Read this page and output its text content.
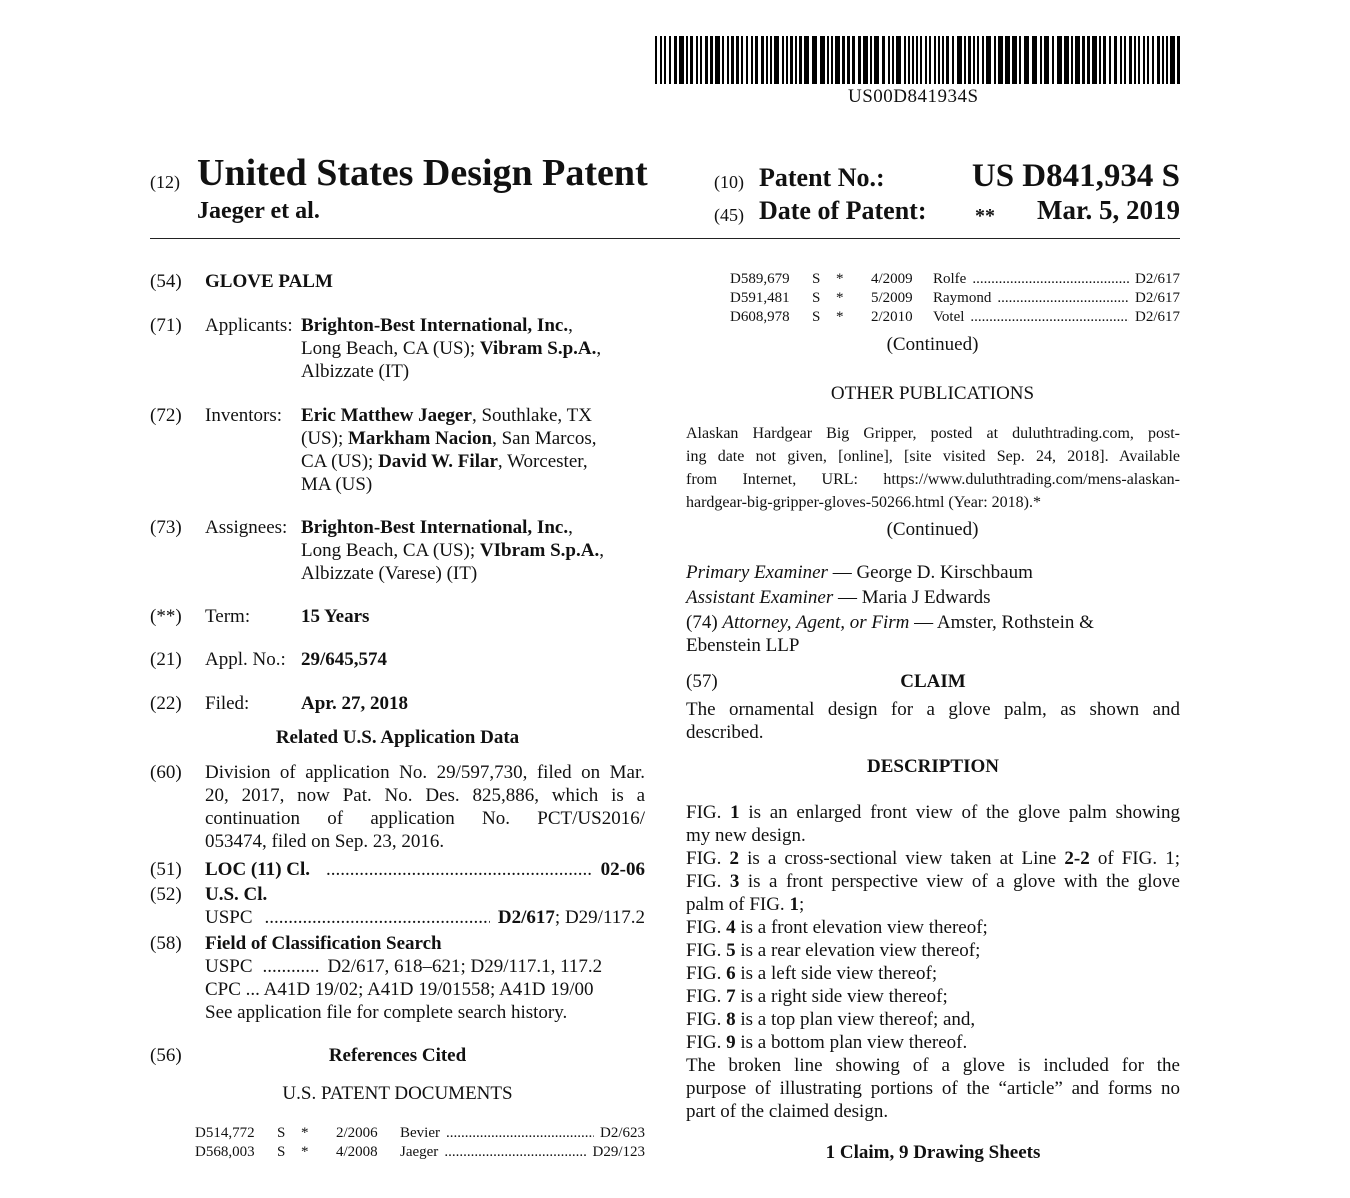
US00D841934S
(12) United States Design Patent
Jaeger et al.
(10) Patent No.:	US D841,934 S
(45) Date of Patent: ** Mar. 5, 2019
(54) GLOVE PALM
(71) Applicants: Brighton-Best International, Inc.,
Long Beach, CA (US); Vibram S.p.A.,
Albizzate (IT)
(72) Inventors: Eric Matthew Jaeger, Southlake, TX
(US); Markham Nacion, San Marcos,
CA (US); David W. Filar, Worcester,
MA (US)
(73) Assignees: Brighton-Best International, Inc.,
Long Beach, CA (US); VIbram S.p.A.,
Albizzate (Varese) (IT)
(**) Term:	15 Years
(21) Appl. No.: 29/645,574
(22) Filed:	Apr. 27, 2018
Related U.S. Application Data
(60) Division of application No. 29/597,730, filed on Mar.
20, 2017, now Pat. No. Des. 825,886, which is a
continuation of application No. PCT/US2016/
053474, filed on Sep. 23, 2016.
(51) LOC (11) Cl. .....	02-06
(52) U.S. Cl.
USPC .....	D2/617 ; D29/117.2
(58) Field of Classification Search
USPC ............ D2/617, 618–621; D29/117.1, 117.2
CPC ... A41D 19/02; A41D 19/01558; A41D 19/00
See application file for complete search history.
(56)	References Cited
U.S. PATENT DOCUMENTS
D514,772	S	*	2/2006	Bevier .....	D2/623
D568,003	S	*	4/2008	Jaeger .....	D29/123
D589,679	S	*	4/2009	Rolfe .....	D2/617
D591,481	S	*	5/2009	Raymond .....	D2/617
D608,978	S	*	2/2010	Votel .....	D2/617
(Continued)
OTHER PUBLICATIONS
Alaskan Hardgear Big Gripper, posted at duluthtrading.com, post-
ing date not given, [online], [site visited Sep. 24, 2018]. Available
from Internet, URL: https://www.duluthtrading.com/mens-alaskan-
hardgear-big-gripper-gloves-50266.html (Year: 2018).*
(Continued)
Primary Examiner — George D. Kirschbaum
Assistant Examiner — Maria J Edwards
(74) Attorney, Agent, or Firm — Amster, Rothstein &
Ebenstein LLP
(57)	CLAIM
The ornamental design for a glove palm, as shown and
described.
DESCRIPTION
FIG. 1 is an enlarged front view of the glove palm showing
my new design.
FIG. 2 is a cross-sectional view taken at Line 2-2 of FIG. 1;
FIG. 3 is a front perspective view of a glove with the glove
palm of FIG. 1;
FIG. 4 is a front elevation view thereof;
FIG. 5 is a rear elevation view thereof;
FIG. 6 is a left side view thereof;
FIG. 7 is a right side view thereof;
FIG. 8 is a top plan view thereof; and,
FIG. 9 is a bottom plan view thereof.
The broken line showing of a glove is included for the
purpose of illustrating portions of the “article” and forms no
part of the claimed design.
1 Claim, 9 Drawing Sheets
